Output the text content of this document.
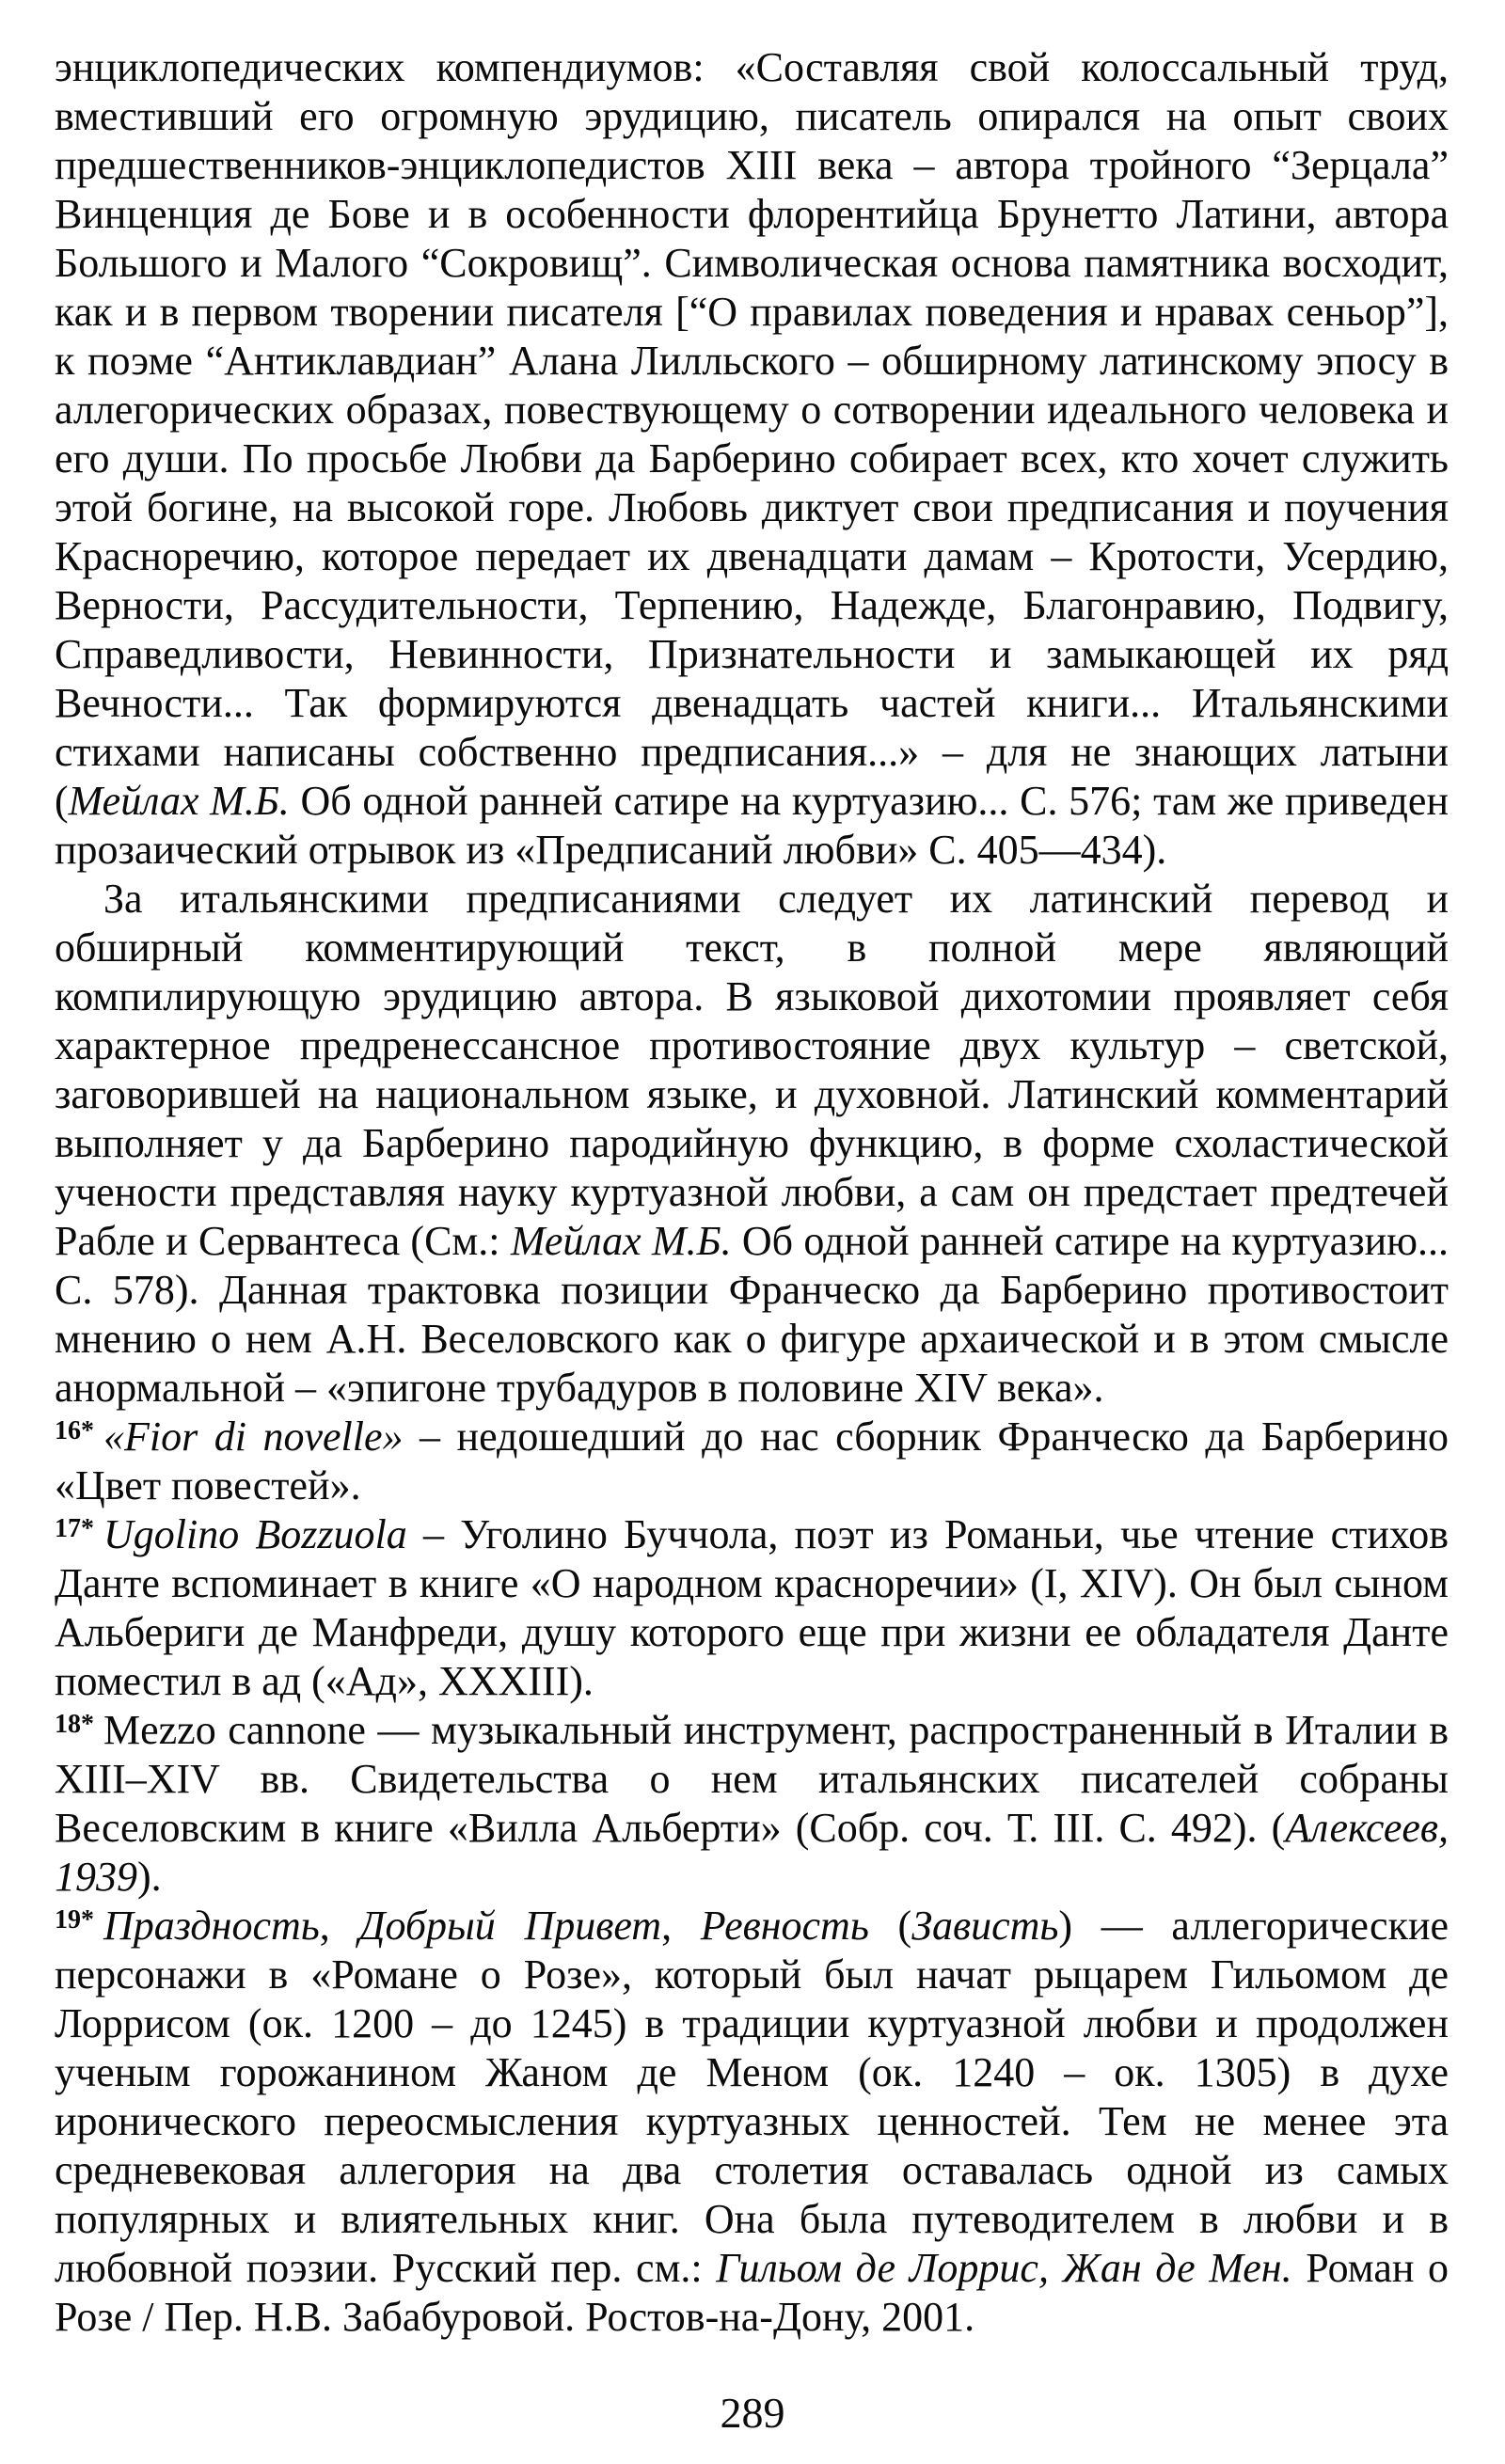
энциклопедических компендиумов: «Составляя свой колоссальный труд, вместивший его огромную эрудицию, писатель опирался на опыт своих предшественников-энциклопедистов XIII века – автора тройного “Зерцала” Винценция де Бове и в особенности флорентийца Брунетто Латини, автора Большого и Малого “Сокровищ”. Символическая основа памятника восходит, как и в первом творении писателя [“О правилах поведения и нравах сеньор”], к поэме “Антиклавдиан” Алана Лилльского – обширному латинскому эпосу в аллегорических образах, повествующему о сотворении идеального человека и его души. По просьбе Любви да Барберино собирает всех, кто хочет служить этой богине, на высокой горе. Любовь диктует свои предписания и поучения Красноречию, которое передает их двенадцати дамам – Кротости, Усердию, Верности, Рассудительности, Терпению, Надежде, Благонравию, Подвигу, Справедливости, Невинности, Признательности и замыкающей их ряд Вечности... Так формируются двенадцать частей книги... Итальянскими стихами написаны собственно предписания...» – для не знающих латыни (Мейлах М.Б. Об одной ранней сатире на куртуазию... С. 576; там же приведен прозаический отрывок из «Предписаний любви» С. 405—434).

За итальянскими предписаниями следует их латинский перевод и обширный комментирующий текст, в полной мере являющий компилирующую эрудицию автора. В языковой дихотомии проявляет себя характерное предренессансное противостояние двух культур – светской, заговорившей на национальном языке, и духовной. Латинский комментарий выполняет у да Барберино пародийную функцию, в форме схоластической учености представляя науку куртуазной любви, а сам он предстает предтечей Рабле и Сервантеса (См.: Мейлах М.Б. Об одной ранней сатире на куртуазию... С. 578). Данная трактовка позиции Франческо да Барберино противостоит мнению о нем А.Н. Веселовского как о фигуре архаической и в этом смысле анормальной – «эпигоне трубадуров в половине XIV века».

$^{16*}$ «Fior di novelle» – недошедший до нас сборник Франческо да Барберино «Цвет повестей».

$^{17*}$ Ugolino Bozzuola – Уголино Буччола, поэт из Романьи, чье чтение стихов Данте вспоминает в книге «О народном красноречии» (I, XIV). Он был сыном Альбериги де Манфреди, душу которого еще при жизни ее обладателя Данте поместил в ад («Ад», XXXIII).

$^{18*}$ Mezzo cannone — музыкальный инструмент, распространенный в Италии в XIII–XIV вв. Свидетельства о нем итальянских писателей собраны Веселовским в книге «Вилла Альберти» (Собр. соч. Т. III. С. 492). (Алексеев, 1939).

$^{19*}$ Праздность, Добрый Привет, Ревность (Зависть) — аллегорические персонажи в «Романе о Розе», который был начат рыцарем Гильомом де Лоррисом (ок. 1200 – до 1245) в традиции куртуазной любви и продолжен ученым горожанином Жаном де Меном (ок. 1240 – ок. 1305) в духе иронического переосмысления куртуазных ценностей. Тем не менее эта средневековая аллегория на два столетия оставалась одной из самых популярных и влиятельных книг. Она была путеводителем в любви и в любовной поэзии. Русский пер. см.: Гильом де Лоррис, Жан де Мен. Роман о Розе / Пер. Н.В. Забабуровой. Ростов-на-Дону, 2001.

289
